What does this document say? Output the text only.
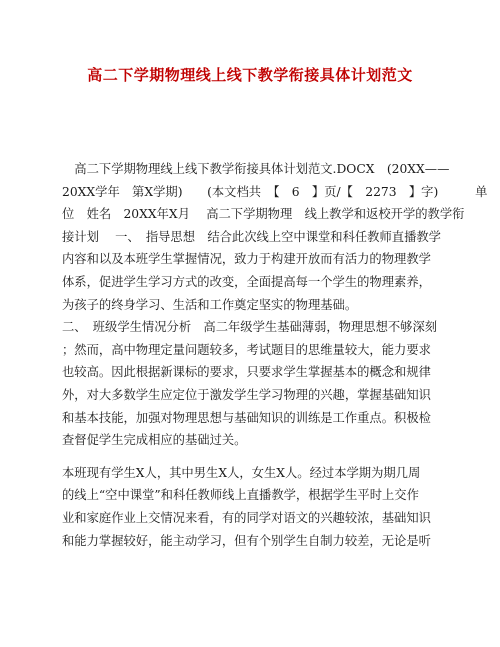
高二下学期物理线上线下教学衔接具体计划范文
　高二下学期物理线上线下教学衔接具体计划范文.DOCX　(20XX——
20XX学年　第X学期)　　(本文档共　【　6　】页/【　2273　】字)　　　单
位　姓名　20XX年X月　 高二下学期物理　线上教学和返校开学的教学衔
接计划　 一、　指导思想　结合此次线上空中课堂和科任教师直播教学
内容和以及本班学生掌握情况，致力于构建开放而有活力的物理教学
体系，促进学生学习方式的改变，全面提高每一个学生的物理素养，
为孩子的终身学习、生活和工作奠定坚实的物理基础。
二、　班级学生情况分析　高二年级学生基础薄弱，物理思想不够深刻
；然而，高中物理定量问题较多，考试题目的思维量较大，能力要求
也较高。因此根据新课标的要求，只要求学生掌握基本的概念和规律
外，对大多数学生应定位于激发学生学习物理的兴趣，掌握基础知识
和基本技能，加强对物理思想与基础知识的训练是工作重点。积极检
查督促学生完成相应的基础过关。
本班现有学生X人，其中男生X人，女生X人。经过本学期为期几周
的线上“空中课堂”和科任教师线上直播教学，根据学生平时上交作
业和家庭作业上交情况来看，有的同学对语文的兴趣较浓，基础知识
和能力掌握较好，能主动学习，但有个别学生自制力较差，无论是听
